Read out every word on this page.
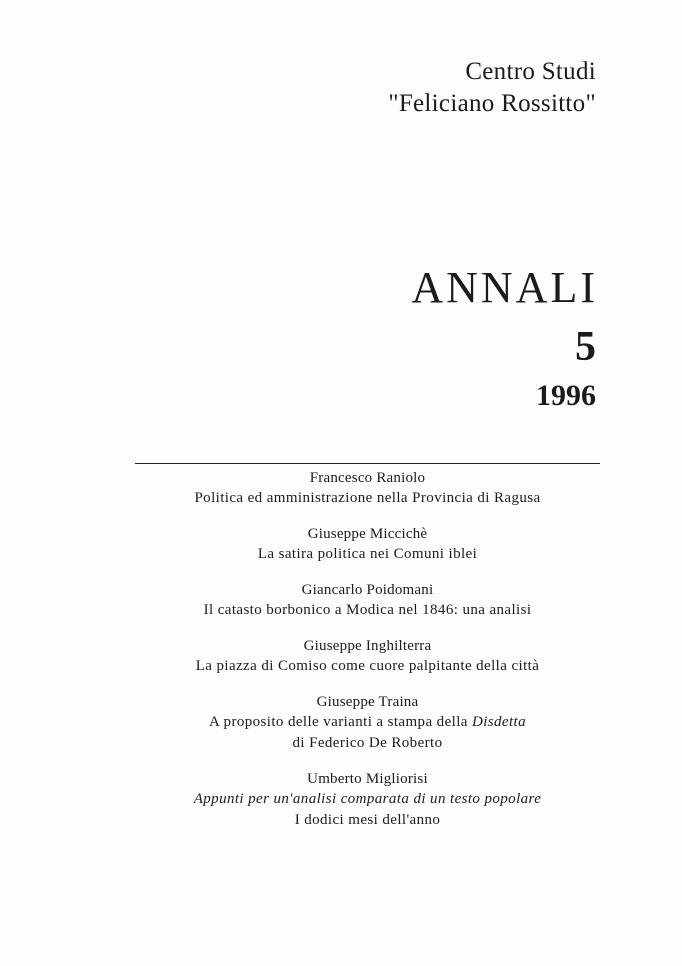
Centro Studi
"Feliciano Rossitto"
ANNALI
5
1996
Francesco Raniolo
Politica ed amministrazione nella Provincia di Ragusa
Giuseppe Miccichè
La satira politica nei Comuni iblei
Giancarlo Poidomani
Il catasto borbonico a Modica nel 1846: una analisi
Giuseppe Inghilterra
La piazza di Comiso come cuore palpitante della città
Giuseppe Traina
A proposito delle varianti a stampa della Disdetta
di Federico De Roberto
Umberto Migliorisi
Appunti per un'analisi comparata di un testo popolare
I dodici mesi dell'anno
